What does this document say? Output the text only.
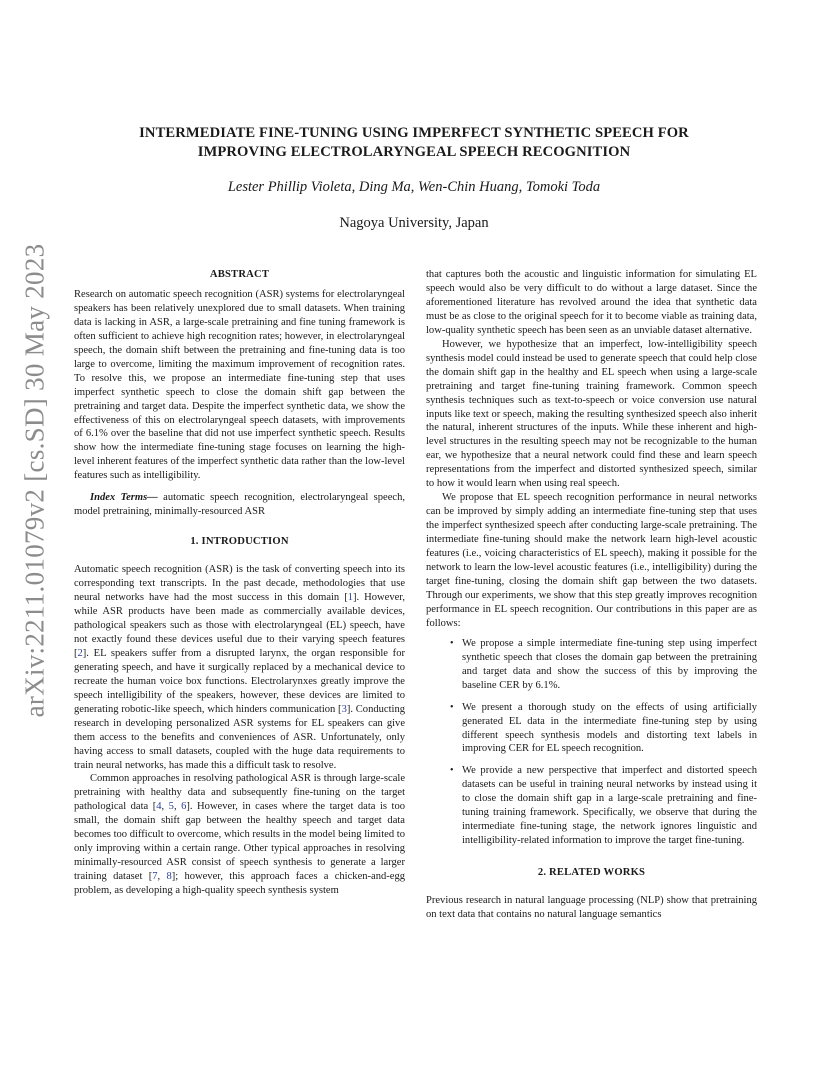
arXiv:2211.01079v2 [cs.SD] 30 May 2023
INTERMEDIATE FINE-TUNING USING IMPERFECT SYNTHETIC SPEECH FOR
IMPROVING ELECTROLARYNGEAL SPEECH RECOGNITION
Lester Phillip Violeta, Ding Ma, Wen-Chin Huang, Tomoki Toda
Nagoya University, Japan

ABSTRACT

Research on automatic speech recognition (ASR) systems for electrolaryngeal speakers has been relatively unexplored due to small datasets. When training data is lacking in ASR, a large-scale pretraining and fine tuning framework is often sufficient to achieve high recognition rates; however, in electrolaryngeal speech, the domain shift between the pretraining and fine-tuning data is too large to overcome, limiting the maximum improvement of recognition rates. To resolve this, we propose an intermediate fine-tuning step that uses imperfect synthetic speech to close the domain shift gap between the pretraining and target data. Despite the imperfect synthetic data, we show the effectiveness of this on electrolaryngeal speech datasets, with improvements of 6.1% over the baseline that did not use imperfect synthetic speech. Results show how the intermediate fine-tuning stage focuses on learning the high-level inherent features of the imperfect synthetic data rather than the low-level features such as intelligibility.

Index Terms— automatic speech recognition, electrolaryngeal speech, model pretraining, minimally-resourced ASR

1. INTRODUCTION

Automatic speech recognition (ASR) is the task of converting speech into its corresponding text transcripts. In the past decade, methodologies that use neural networks have had the most success in this domain [1]. However, while ASR products have been made as commercially available devices, pathological speakers such as those with electrolaryngeal (EL) speech, have not exactly found these devices useful due to their varying speech features [2]. EL speakers suffer from a disrupted larynx, the organ responsible for generating speech, and have it surgically replaced by a mechanical device to recreate the human voice box functions. Electrolarynxes greatly improve the speech intelligibility of the speakers, however, these devices are limited to generating robotic-like speech, which hinders communication [3]. Conducting research in developing personalized ASR systems for EL speakers can give them access to the benefits and conveniences of ASR. Unfortunately, only having access to small datasets, coupled with the huge data requirements to train neural networks, has made this a difficult task to resolve.

Common approaches in resolving pathological ASR is through large-scale pretraining with healthy data and subsequently fine-tuning on the target pathological data [4, 5, 6]. However, in cases where the target data is too small, the domain shift gap between the healthy speech and target data becomes too difficult to overcome, which results in the model being limited to only improving within a certain range. Other typical approaches in resolving minimally-resourced ASR consist of speech synthesis to generate a larger training dataset [7, 8]; however, this approach faces a chicken-and-egg problem, as developing a high-quality speech synthesis system

that captures both the acoustic and linguistic information for simulating EL speech would also be very difficult to do without a large dataset. Since the aforementioned literature has revolved around the idea that synthetic data must be as close to the original speech for it to become viable as training data, low-quality synthetic speech has been seen as an unviable dataset alternative.

However, we hypothesize that an imperfect, low-intelligibility speech synthesis model could instead be used to generate speech that could help close the domain shift gap in the healthy and EL speech when using a large-scale pretraining and target fine-tuning training framework. Common speech synthesis techniques such as text-to-speech or voice conversion use natural inputs like text or speech, making the resulting synthesized speech also inherit the natural, inherent structures of the inputs. While these inherent and high-level structures in the resulting speech may not be recognizable to the human ear, we hypothesize that a neural network could find these and learn speech representations from the imperfect and distorted synthesized speech, similar to how it would learn when using real speech.

We propose that EL speech recognition performance in neural networks can be improved by simply adding an intermediate fine-tuning step that uses the imperfect synthesized speech after conducting large-scale pretraining. The intermediate fine-tuning should make the network learn high-level acoustic features (i.e., voicing characteristics of EL speech), making it possible for the network to learn the low-level acoustic features (i.e., intelligibility) during the target fine-tuning, closing the domain shift gap between the two datasets. Through our experiments, we show that this step greatly improves recognition performance in EL speech recognition. Our contributions in this paper are as follows:

• We propose a simple intermediate fine-tuning step using imperfect synthetic speech that closes the domain gap between the pretraining and target data and show the success of this by improving the baseline CER by 6.1%.
• We present a thorough study on the effects of using artificially generated EL data in the intermediate fine-tuning step by using different speech synthesis models and distorting text labels in improving CER for EL speech recognition.
• We provide a new perspective that imperfect and distorted speech datasets can be useful in training neural networks by instead using it to close the domain shift gap in a large-scale pretraining and fine-tuning training framework. Specifically, we observe that during the intermediate fine-tuning stage, the network ignores linguistic and intelligibility-related information to improve the target fine-tuning.

2. RELATED WORKS

Previous research in natural language processing (NLP) show that pretraining on text data that contains no natural language semantics
